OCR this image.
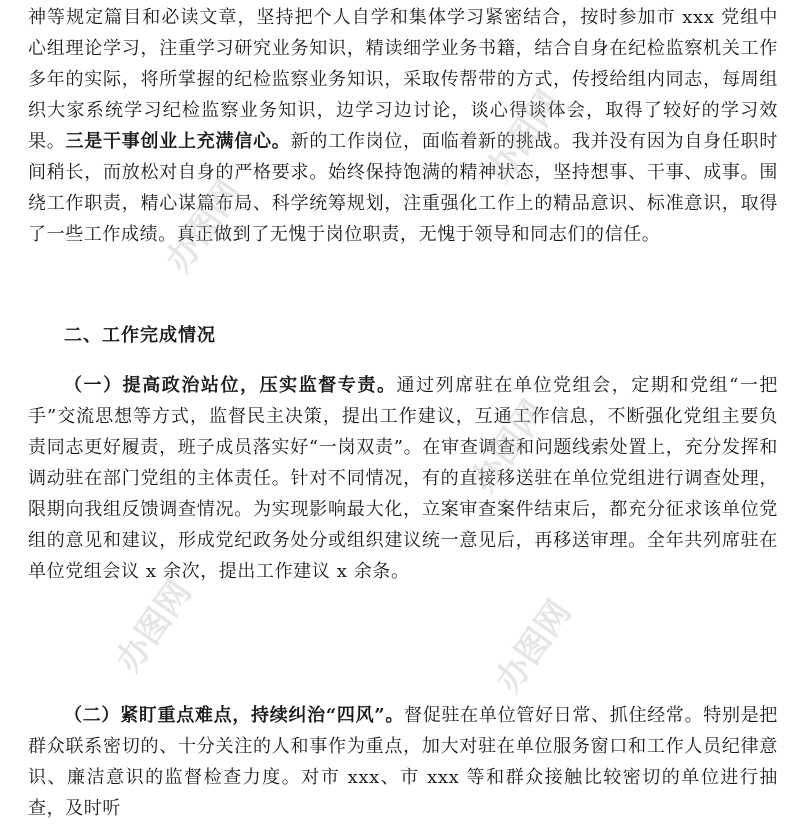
神等规定篇目和必读文章，坚持把个人自学和集体学习紧密结合，按时参加市 xxx 党组中心组理论学习，注重学习研究业务知识，精读细学业务书籍，结合自身在纪检监察机关工作多年的实际，将所掌握的纪检监察业务知识，采取传帮带的方式，传授给组内同志，每周组织大家系统学习纪检监察业务知识，边学习边讨论，谈心得谈体会，取得了较好的学习效果。三是干事创业上充满信心。新的工作岗位，面临着新的挑战。我并没有因为自身任职时间稍长，而放松对自身的严格要求。始终保持饱满的精神状态，坚持想事、干事、成事。围绕工作职责，精心谋篇布局、科学统筹规划，注重强化工作上的精品意识、标准意识，取得了一些工作成绩。真正做到了无愧于岗位职责，无愧于领导和同志们的信任。

二、工作完成情况

（一）提高政治站位，压实监督专责。通过列席驻在单位党组会，定期和党组“一把手”交流思想等方式，监督民主决策，提出工作建议，互通工作信息，不断强化党组主要负责同志更好履责，班子成员落实好“一岗双责”。在审查调查和问题线索处置上，充分发挥和调动驻在部门党组的主体责任。针对不同情况，有的直接移送驻在单位党组进行调查处理，限期向我组反馈调查情况。为实现影响最大化，立案审查案件结束后，都充分征求该单位党组的意见和建议，形成党纪政务处分或组织建议统一意见后，再移送审理。全年共列席驻在单位党组会议 x 余次，提出工作建议 x 余条。

（二）紧盯重点难点，持续纠治“四风”。督促驻在单位管好日常、抓住经常。特别是把群众联系密切的、十分关注的人和事作为重点，加大对驻在单位服务窗口和工作人员纪律意识、廉洁意识的监督检查力度。对市 xxx、市 xxx 等和群众接触比较密切的单位进行抽查，及时听

办图网
办图网
办图网
办图网	办图网
